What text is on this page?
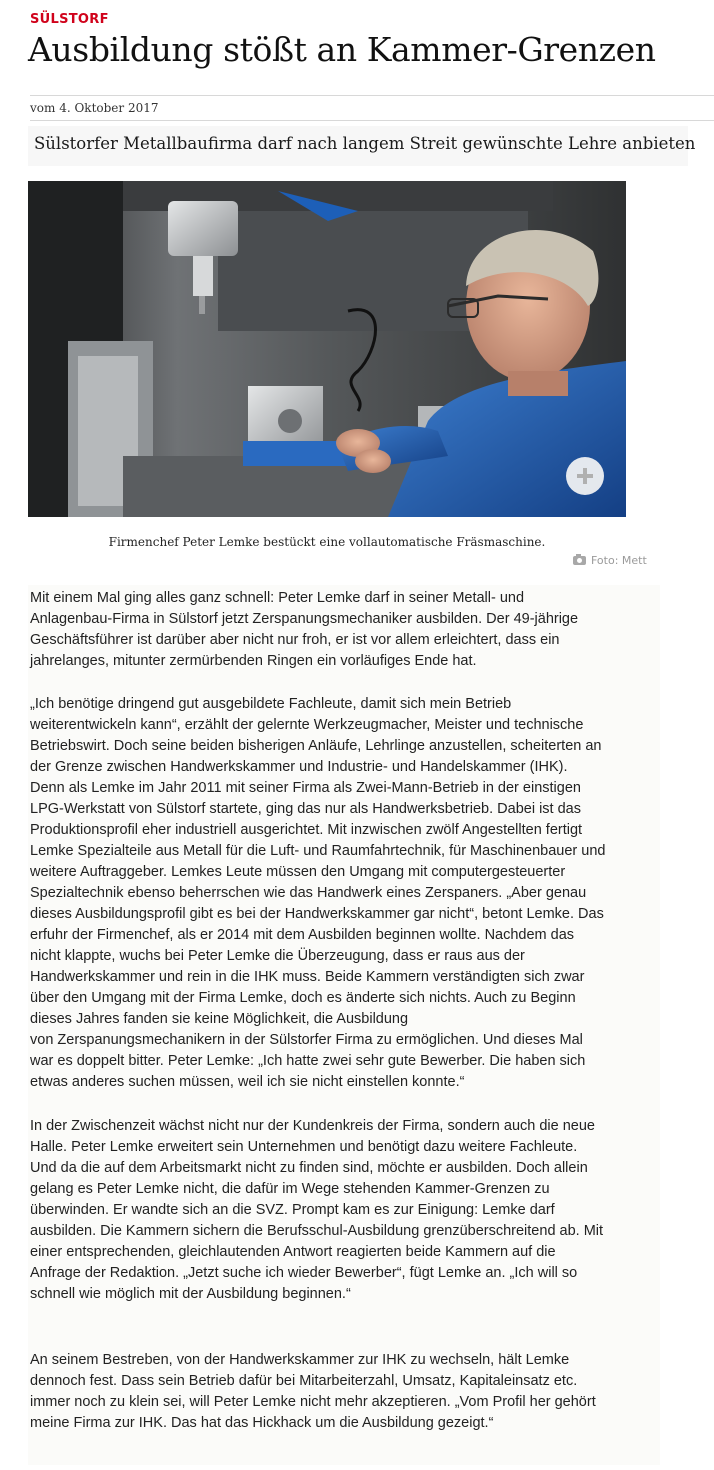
SÜLSTORF
Ausbildung stößt an Kammer-Grenzen
vom 4. Oktober 2017
Sülstorfer Metallbaufirma darf nach langem Streit gewünschte Lehre anbieten
Firmenchef Peter Lemke bestückt eine vollautomatische Fräsmaschine.
Foto: Mett
Mit einem Mal ging alles ganz schnell: Peter Lemke darf in seiner Metall- und
Anlagenbau-Firma in Sülstorf jetzt Zerspanungsmechaniker ausbilden. Der 49-jährige
Geschäftsführer ist darüber aber nicht nur froh, er ist vor allem erleichtert, dass ein
jahrelanges, mitunter zermürbenden Ringen ein vorläufiges Ende hat.
„Ich benötige dringend gut ausgebildete Fachleute, damit sich mein Betrieb
weiterentwickeln kann“, erzählt der gelernte Werkzeugmacher, Meister und technische
Betriebswirt. Doch seine beiden bisherigen Anläufe, Lehrlinge anzustellen, scheiterten an
der Grenze zwischen Handwerkskammer und Industrie- und Handelskammer (IHK).
Denn als Lemke im Jahr 2011 mit seiner Firma als Zwei-Mann-Betrieb in der einstigen
LPG-Werkstatt von Sülstorf startete, ging das nur als Handwerksbetrieb. Dabei ist das
Produktionsprofil eher industriell ausgerichtet. Mit inzwischen zwölf Angestellten fertigt
Lemke Spezialteile aus Metall für die Luft- und Raumfahrtechnik, für Maschinenbauer und
weitere Auftraggeber. Lemkes Leute müssen den Umgang mit computergesteuerter
Spezialtechnik ebenso beherrschen wie das Handwerk eines Zerspaners. „Aber genau
dieses Ausbildungsprofil gibt es bei der Handwerkskammer gar nicht“, betont Lemke. Das
erfuhr der Firmenchef, als er 2014 mit dem Ausbilden beginnen wollte. Nachdem das
nicht klappte, wuchs bei Peter Lemke die Überzeugung, dass er raus aus der
Handwerkskammer und rein in die IHK muss. Beide Kammern verständigten sich zwar
über den Umgang mit der Firma Lemke, doch es änderte sich nichts. Auch zu Beginn
dieses Jahres fanden sie keine Möglichkeit, die Ausbildung
von Zerspanungsmechanikern in der Sülstorfer Firma zu ermöglichen. Und dieses Mal
war es doppelt bitter. Peter Lemke: „Ich hatte zwei sehr gute Bewerber. Die haben sich
etwas anderes suchen müssen, weil ich sie nicht einstellen konnte.“
In der Zwischenzeit wächst nicht nur der Kundenkreis der Firma, sondern auch die neue
Halle. Peter Lemke erweitert sein Unternehmen und benötigt dazu weitere Fachleute.
Und da die auf dem Arbeitsmarkt nicht zu finden sind, möchte er ausbilden. Doch allein
gelang es Peter Lemke nicht, die dafür im Wege stehenden Kammer-Grenzen zu
überwinden. Er wandte sich an die SVZ. Prompt kam es zur Einigung: Lemke darf
ausbilden. Die Kammern sichern die Berufsschul-Ausbildung grenzüberschreitend ab. Mit
einer entsprechenden, gleichlautenden Antwort reagierten beide Kammern auf die
Anfrage der Redaktion. „Jetzt suche ich wieder Bewerber“, fügt Lemke an. „Ich will so
schnell wie möglich mit der Ausbildung beginnen.“
An seinem Bestreben, von der Handwerkskammer zur IHK zu wechseln, hält Lemke
dennoch fest. Dass sein Betrieb dafür bei Mitarbeiterzahl, Umsatz, Kapitaleinsatz etc.
immer noch zu klein sei, will Peter Lemke nicht mehr akzeptieren. „Vom Profil her gehört
meine Firma zur IHK. Das hat das Hickhack um die Ausbildung gezeigt.“
